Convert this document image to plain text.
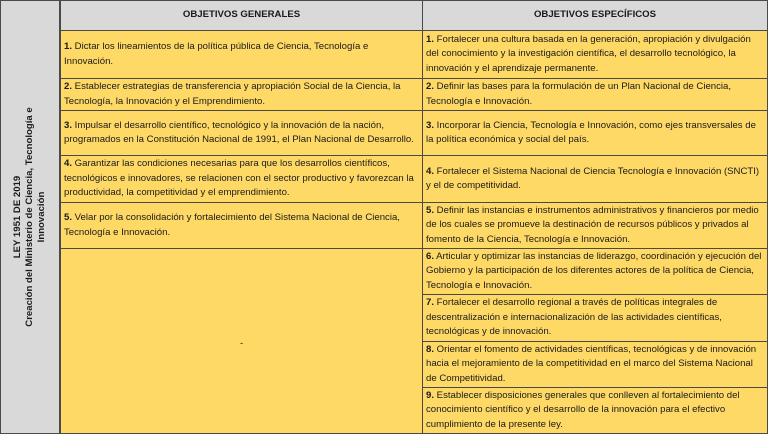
LEY 1951 DE 2019 Creación del Ministerio de Ciencia, Tecnología e Innovación
OBJETIVOS GENERALES	OBJETIVOS ESPECÍFICOS
1. Dictar los lineamientos de la política pública de Ciencia, Tecnología e Innovación.
2. Establecer estrategias de transferencia y apropiación Social de la Ciencia, la Tecnología, la Innovación y el Emprendimiento.
3. Impulsar el desarrollo científico, tecnológico y la innovación de la nación, programados en la Constitución Nacional de 1991, el Plan Nacional de Desarrollo.
4. Garantizar las condiciones necesarias para que los desarrollos científicos, tecnológicos e innovadores, se relacionen con el sector productivo y favorezcan la productividad, la competitividad y el emprendimiento.
5. Velar por la consolidación y fortalecimiento del Sistema Nacional de Ciencia, Tecnología e Innovación.
-
1. Fortalecer una cultura basada en la generación, apropiación y divulgación del conocimiento y la investigación científica, el desarrollo tecnológico, la innovación y el aprendizaje permanente.
2. Definir las bases para la formulación de un Plan Nacional de Ciencia, Tecnología e Innovación.
3. Incorporar la Ciencia, Tecnología e Innovación, como ejes transversales de la política económica y social del país.
4. Fortalecer el Sistema Nacional de Ciencia Tecnología e Innovación (SNCTI) y el de competitividad.
5. Definir las instancias e instrumentos administrativos y financieros por medio de los cuales se promueve la destinación de recursos públicos y privados al fomento de la Ciencia, Tecnología e Innovación.
6. Articular y optimizar las instancias de liderazgo, coordinación y ejecución del Gobierno y la participación de los diferentes actores de la política de Ciencia, Tecnología e Innovación.
7. Fortalecer el desarrollo regional a través de políticas integrales de descentralización e internacionalización de las actividades científicas, tecnológicas y de innovación.
8. Orientar el fomento de actividades científicas, tecnológicas y de innovación hacia el mejoramiento de la competitividad en el marco del Sistema Nacional de Competitividad.
9. Establecer disposiciones generales que conlleven al fortalecimiento del conocimiento científico y el desarrollo de la innovación para el efectivo cumplimiento de la presente ley.
